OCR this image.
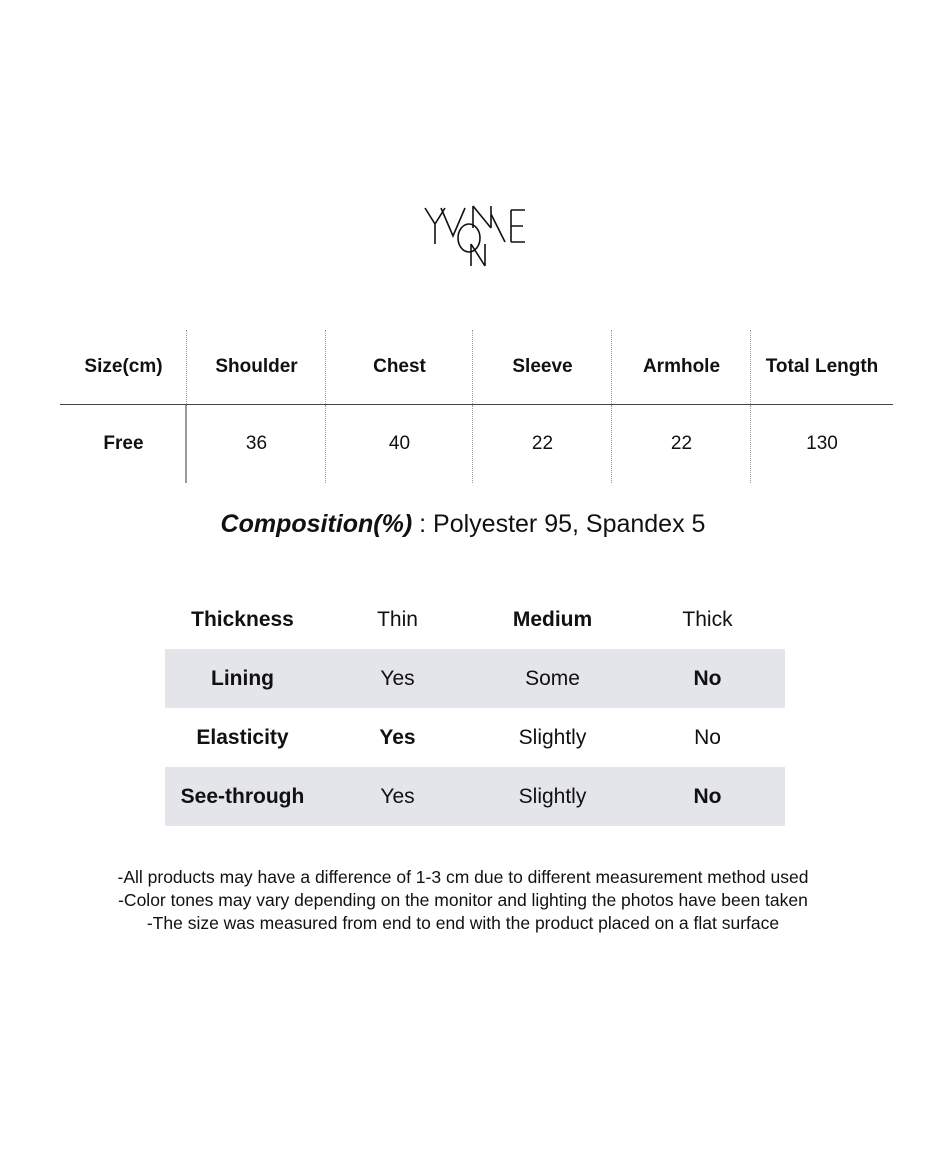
Size(cm)	Shoulder	Chest	Sleeve	Armhole	Total Length
Free	36	40	22	22	130
Composition(%) : Polyester 95, Spandex 5
Thickness	Thin	Medium	Thick
Lining	Yes	Some	No
Elasticity	Yes	Slightly	No
See-through	Yes	Slightly	No
-All products may have a difference of 1-3 cm due to different measurement method used
-Color tones may vary depending on the monitor and lighting the photos have been taken
-The size was measured from end to end with the product placed on a flat surface
